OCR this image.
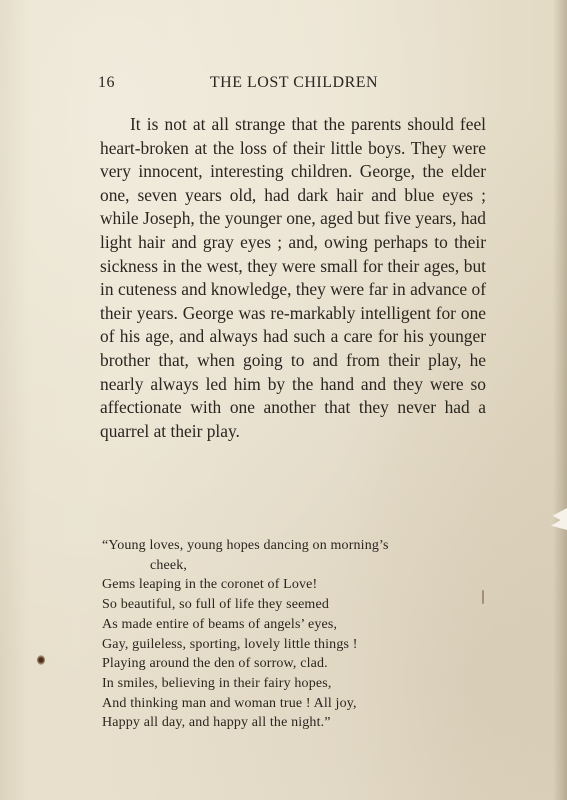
16	THE LOST CHILDREN

It is not at all strange that the parents should feel heart-broken at the loss of their little boys. They were very innocent, interesting children. George, the elder one, seven years old, had dark hair and blue eyes ; while Joseph, the younger one, aged but five years, had light hair and gray eyes ; and, owing perhaps to their sickness in the west, they were small for their ages, but in cuteness and knowledge, they were far in advance of their years. George was re-markably intelligent for one of his age, and always had such a care for his younger brother that, when going to and from their play, he nearly always led him by the hand and they were so affectionate with one another that they never had a quarrel at their play.

“Young loves, young hopes dancing on morning’s
cheek,
Gems leaping in the coronet of Love!
So beautiful, so full of life they seemed
As made entire of beams of angels’ eyes,
Gay, guileless, sporting, lovely little things !
Playing around the den of sorrow, clad.
In smiles, believing in their fairy hopes,
And thinking man and woman true ! All joy,
Happy all day, and happy all the night.”
